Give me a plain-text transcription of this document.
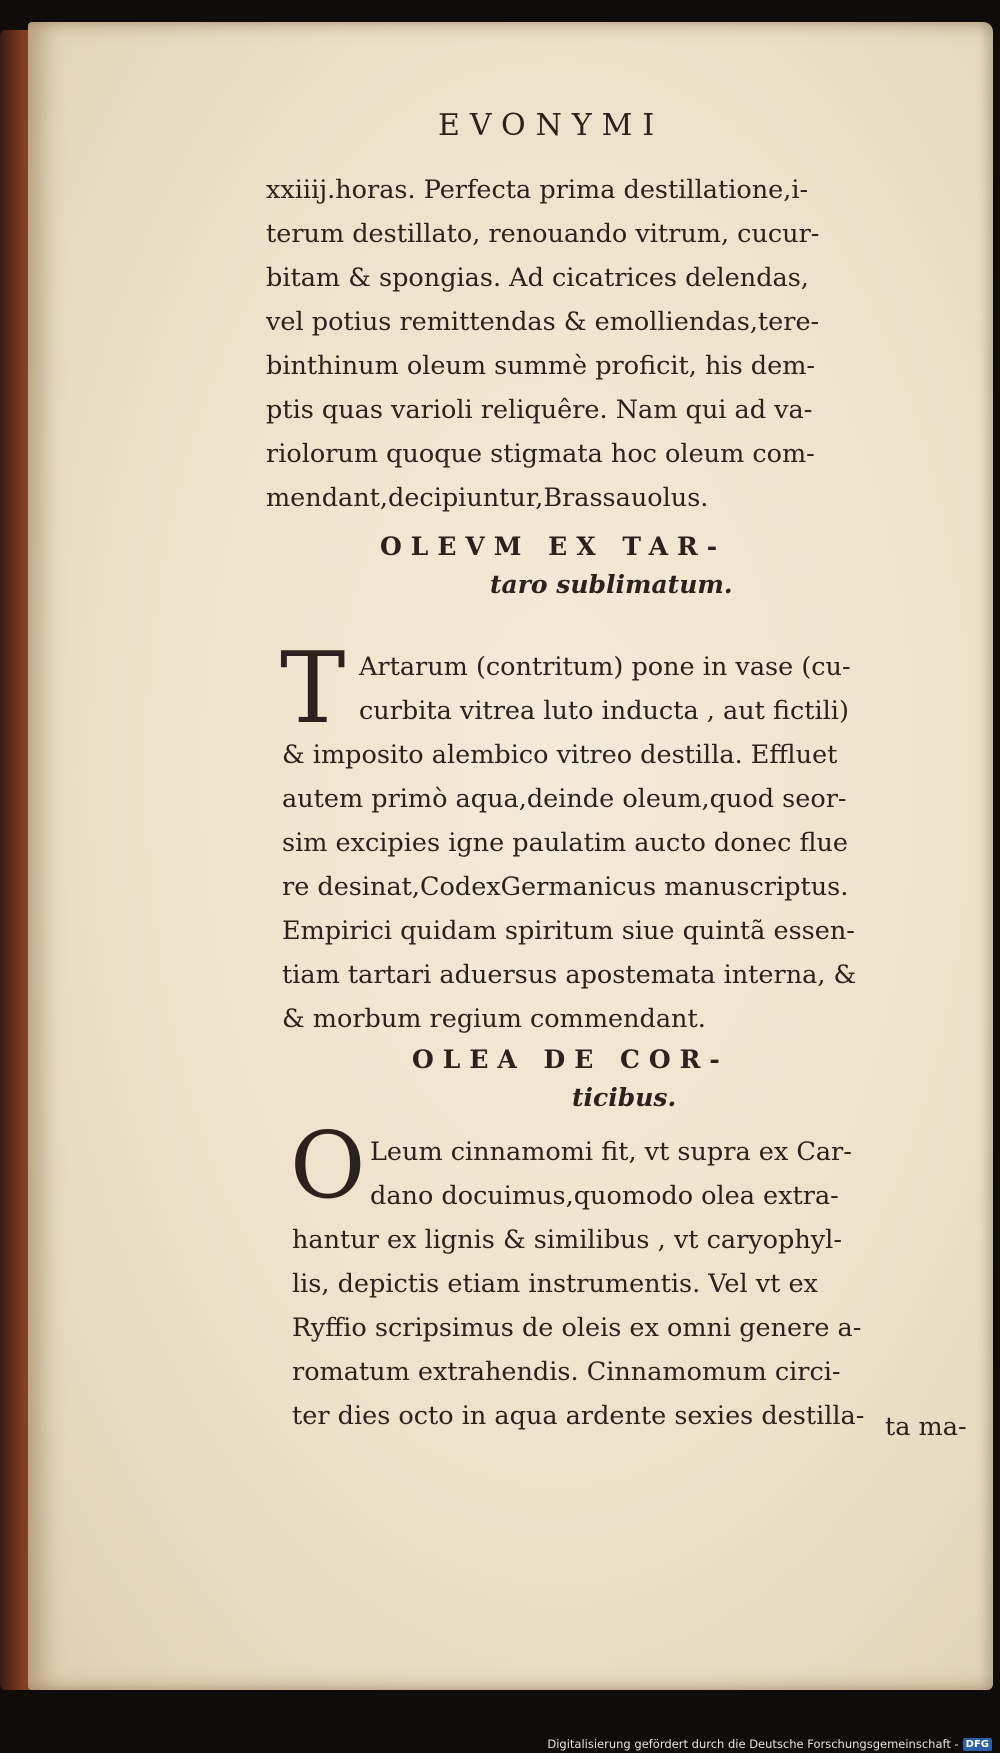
EVONYMI
xxiiij.horas. Perfecta prima destillatione,i-
terum destillato, renouando vitrum, cucur-
bitam & spongias. Ad cicatrices delendas,
vel potius remittendas & emolliendas,tere-
binthinum oleum summè proficit, his dem-
ptis quas varioli reliquêre. Nam qui ad va-
riolorum quoque stigmata hoc oleum com-
mendant,decipiuntur,Brassauolus.
OLEVM EX TAR-
taro sublimatum.
T Artarum (contritum) pone in vase (cu-
curbita vitrea luto inducta , aut fictili)
& imposito alembico vitreo destilla. Effluet
autem primò aqua,deinde oleum,quod seor-
sim excipies igne paulatim aucto donec flue
re desinat,CodexGermanicus manuscriptus.
Empirici quidam spiritum siue quintã essen-
tiam tartari aduersus apostemata interna, &
& morbum regium commendant.
OLEA DE COR-
ticibus.
O Leum cinnamomi fit, vt supra ex Car-
dano docuimus,quomodo olea extra-
hantur ex lignis & similibus , vt caryophyl-
lis, depictis etiam instrumentis. Vel vt ex
Ryffio scripsimus de oleis ex omni genere a-
romatum extrahendis. Cinnamomum circi-
ter dies octo in aqua ardente sexies destilla- ta ma-
Digitalisierung gefördert durch die Deutsche Forschungsgemeinschaft - DFG
